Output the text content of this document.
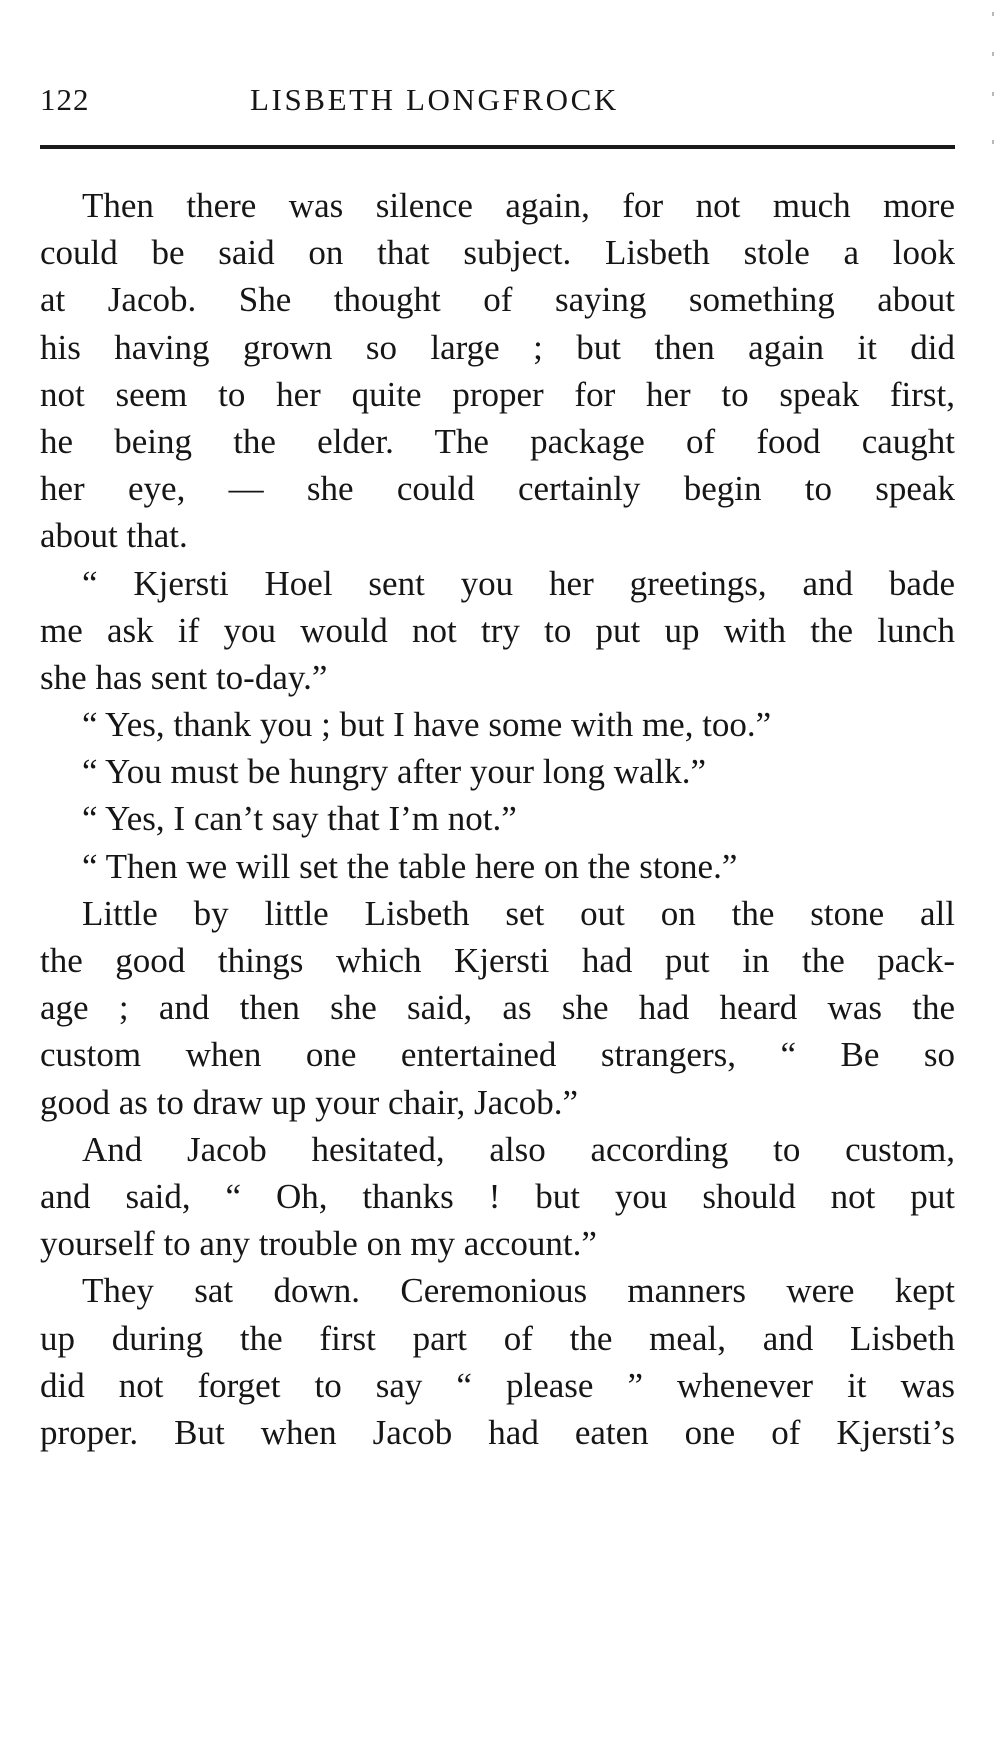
122	LISBETH LONGFROCK
Then there was silence again, for not much more
could be said on that subject. Lisbeth stole a look
at Jacob. She thought of saying something about
his having grown so large ; but then again it did
not seem to her quite proper for her to speak first,
he being the elder. The package of food caught
her eye, — she could certainly begin to speak
about that.
“ Kjersti Hoel sent you her greetings, and bade
me ask if you would not try to put up with the lunch
she has sent to-day.”
“ Yes, thank you ; but I have some with me, too.”
“ You must be hungry after your long walk.”
“ Yes, I can’t say that I’m not.”
“ Then we will set the table here on the stone.”
Little by little Lisbeth set out on the stone all
the good things which Kjersti had put in the pack-
age ; and then she said, as she had heard was the
custom when one entertained strangers, “ Be so
good as to draw up your chair, Jacob.”
And Jacob hesitated, also according to custom,
and said, “ Oh, thanks ! but you should not put
yourself to any trouble on my account.”
They sat down. Ceremonious manners were kept
up during the first part of the meal, and Lisbeth
did not forget to say “ please ” whenever it was
proper. But when Jacob had eaten one of Kjersti’s
